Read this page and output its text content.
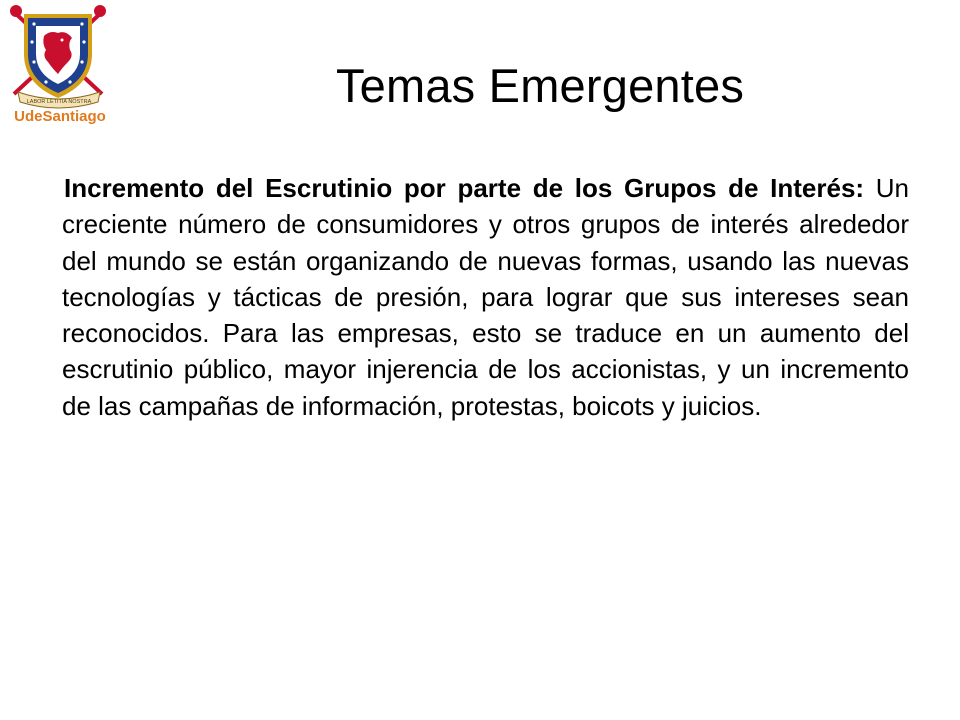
LABOR LETITIA NOSTRA
UdeSantiago
Temas Emergentes
Incremento del Escrutinio por parte de los Grupos de Interés: Un creciente número de consumidores y otros grupos de interés alrededor del mundo se están organizando de nuevas formas, usando las nuevas tecnologías y tácticas de presión, para lograr que sus intereses sean reconocidos. Para las empresas, esto se traduce en un aumento del escrutinio público, mayor injerencia de los accionistas, y un incremento de las campañas de información, protestas, boicots y juicios.
